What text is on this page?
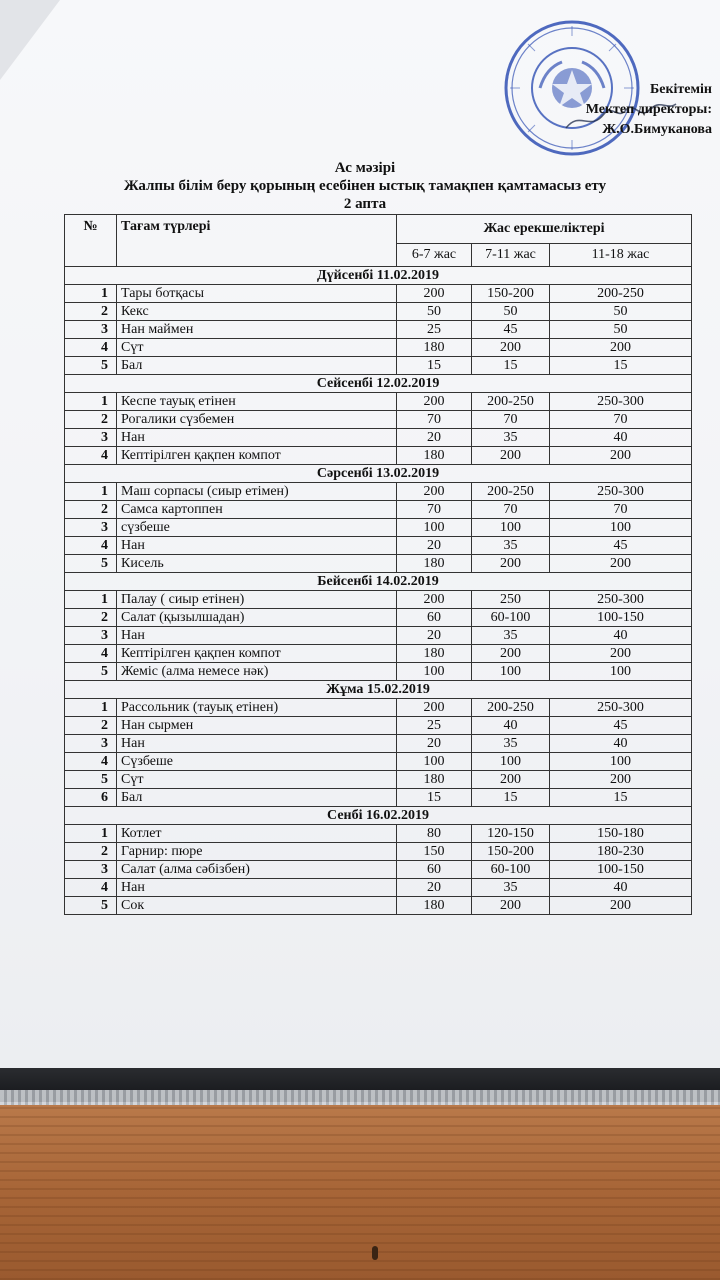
Бекітемін
Мектеп директоры:
Ж.О.Бимуканова
Ас мәзірі
Жалпы білім беру қорының есебінен ыстық тамақпен қамтамасыз ету
2 апта
№	Тағам түрлері	Жас ерекшеліктері		
		6-7 жас	7-11 жас	11-18 жас
Дүйсенбі 11.02.2019				
1	Тары ботқасы	200	150-200	200-250
2	Кекс	50	50	50
3	Нан маймен	25	45	50
4	Сүт	180	200	200
5	Бал	15	15	15
Сейсенбі 12.02.2019				
1	Кеспе тауық етінен	200	200-250	250-300
2	Рогалики сүзбемен	70	70	70
3	Нан	20	35	40
4	Кептірілген қақпен компот	180	200	200
Сәрсенбі 13.02.2019				
1	Маш сорпасы (сиыр етімен)	200	200-250	250-300
2	Самса картоппен	70	70	70
3	сүзбеше	100	100	100
4	Нан	20	35	45
5	Кисель	180	200	200
Бейсенбі 14.02.2019				
1	Палау ( сиыр етінен)	200	250	250-300
2	Салат (қызылшадан)	60	60-100	100-150
3	Нан	20	35	40
4	Кептірілген қақпен компот	180	200	200
5	Жеміс (алма немесе нәк)	100	100	100
Жұма 15.02.2019				
1	Рассольник (тауық етінен)	200	200-250	250-300
2	Нан сырмен	25	40	45
3	Нан	20	35	40
4	Сүзбеше	100	100	100
5	Сүт	180	200	200
6	Бал	15	15	15
Сенбі 16.02.2019				
1	Котлет	80	120-150	150-180
2	Гарнир: пюре	150	150-200	180-230
3	Салат (алма сәбізбен)	60	60-100	100-150
4	Нан	20	35	40
5	Сок	180	200	200
